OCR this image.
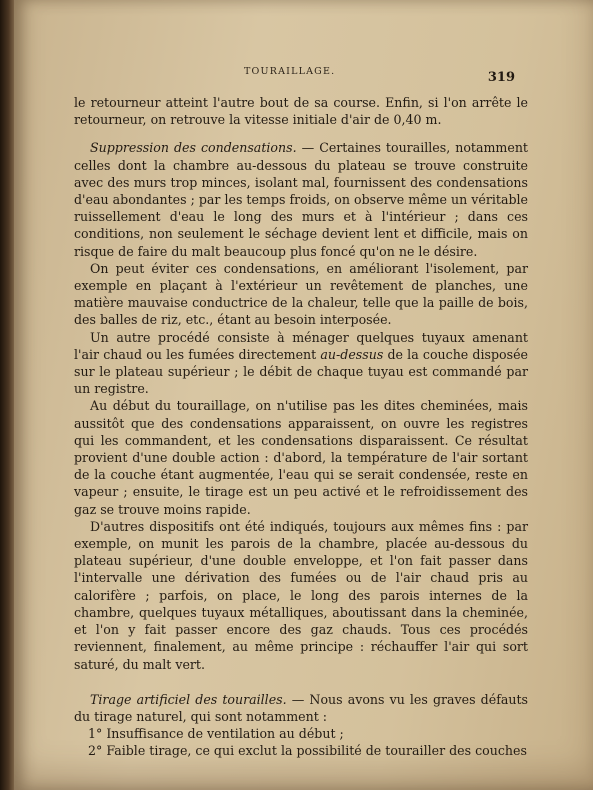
TOURAILLAGE.	319

le retourneur atteint l'autre bout de sa course. Enfin, si l'on arrête le retourneur, on retrouve la vitesse initiale d'air de 0,40 m.

Suppression des condensations. — Certaines tourailles, notamment celles dont la chambre au-dessous du plateau se trouve construite avec des murs trop minces, isolant mal, fournissent des condensations d'eau abondantes ; par les temps froids, on observe même un véritable ruissellement d'eau le long des murs et à l'intérieur ; dans ces conditions, non seulement le séchage devient lent et difficile, mais on risque de faire du malt beaucoup plus foncé qu'on ne le désire.

On peut éviter ces condensations, en améliorant l'isolement, par exemple en plaçant à l'extérieur un revêtement de planches, une matière mauvaise conductrice de la chaleur, telle que la paille de bois, des balles de riz, etc., étant au besoin interposée.

Un autre procédé consiste à ménager quelques tuyaux amenant l'air chaud ou les fumées directement au-dessus de la couche disposée sur le plateau supérieur ; le débit de chaque tuyau est commandé par un registre.

Au début du touraillage, on n'utilise pas les dites cheminées, mais aussitôt que des condensations apparaissent, on ouvre les registres qui les commandent, et les condensations disparaissent. Ce résultat provient d'une double action : d'abord, la température de l'air sortant de la couche étant augmentée, l'eau qui se serait condensée, reste en vapeur ; ensuite, le tirage est un peu activé et le refroidissement des gaz se trouve moins rapide.

D'autres dispositifs ont été indiqués, toujours aux mêmes fins : par exemple, on munit les parois de la chambre, placée au-dessous du plateau supérieur, d'une double enveloppe, et l'on fait passer dans l'intervalle une dérivation des fumées ou de l'air chaud pris au calorifère ; parfois, on place, le long des parois internes de la chambre, quelques tuyaux métalliques, aboutissant dans la cheminée, et l'on y fait passer encore des gaz chauds. Tous ces procédés reviennent, finalement, au même principe : réchauffer l'air qui sort saturé, du malt vert.

Tirage artificiel des tourailles. — Nous avons vu les graves défauts du tirage naturel, qui sont notamment :

1° Insuffisance de ventilation au début ;

2° Faible tirage, ce qui exclut la possibilité de tourailler des couches
